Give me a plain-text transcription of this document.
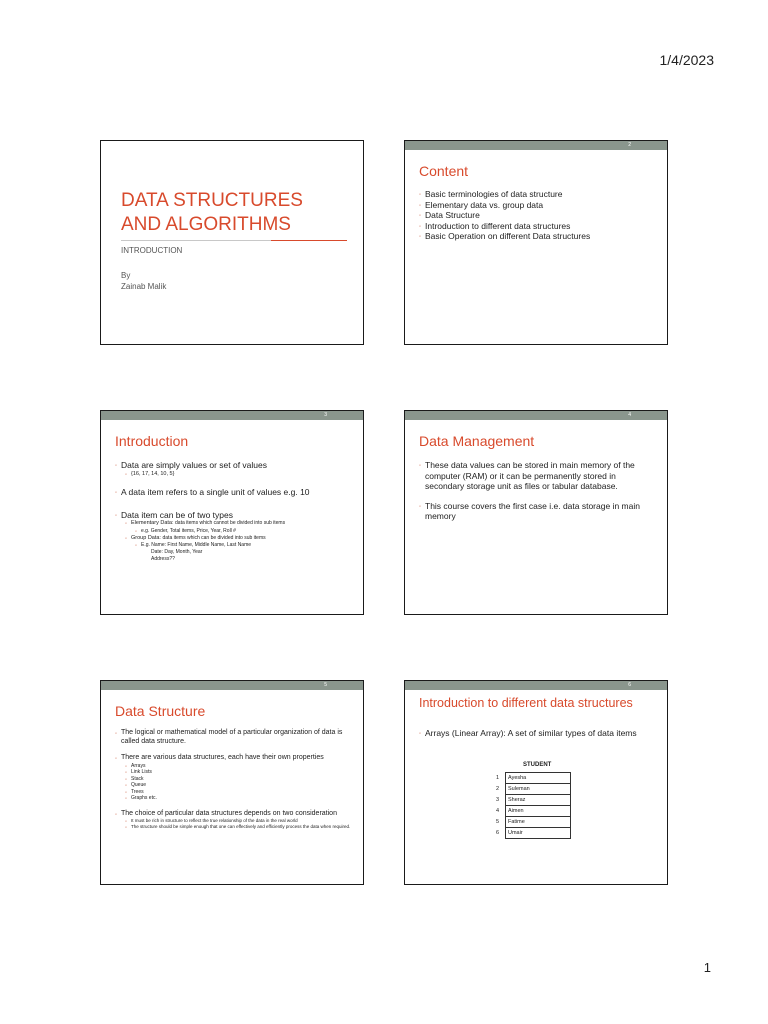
1/4/2023
DATA STRUCTURES
AND ALGORITHMS
INTRODUCTION
By
Zainab Malik
2
Content
◦ Basic terminologies of data structure
◦ Elementary data vs. group data
◦ Data Structure
◦ Introduction to different data structures
◦ Basic Operation on different Data structures
3
Introduction
◦ Data are simply values or set of values
◦ {16, 17, 14, 10, 5}
◦ A data item refers to a single unit of values e.g. 10
◦ Data item can be of two types
◦ Elementary Data: data items which cannot be divided into sub items
◦ e.g. Gender, Total items, Price, Year, Roll #
◦ Group Data: data items which can be divided into sub items
◦ E.g. Name: First Name, Middle Name, Last Name
Date: Day, Month, Year
Address??
4
Data Management
◦ These data values can be stored in main memory of the computer (RAM) or it can be permanently stored in secondary storage unit as files or tabular database.
◦ This course covers the first case i.e. data storage in main memory
5
Data Structure
◦ The logical or mathematical model of a particular organization of data is called data structure.
◦ There are various data structures, each have their own properties
◦ Arrays
◦ Link Lists
◦ Stack
◦ Queue
◦ Trees
◦ Graphs etc.
◦ The choice of particular data structures depends on two consideration
◦ It must be rich in structure to reflect the true relationship of the data in the real world
◦ The structure should be simple enough that one can effectively and efficiently process the data when required.
6
Introduction to different data structures
◦ Arrays (Linear Array): A set of similar types of data items
STUDENT
1	Ayesha
2	Suleman
3	Sheraz
4	Aimen
5	Fatime
6	Umair
1
